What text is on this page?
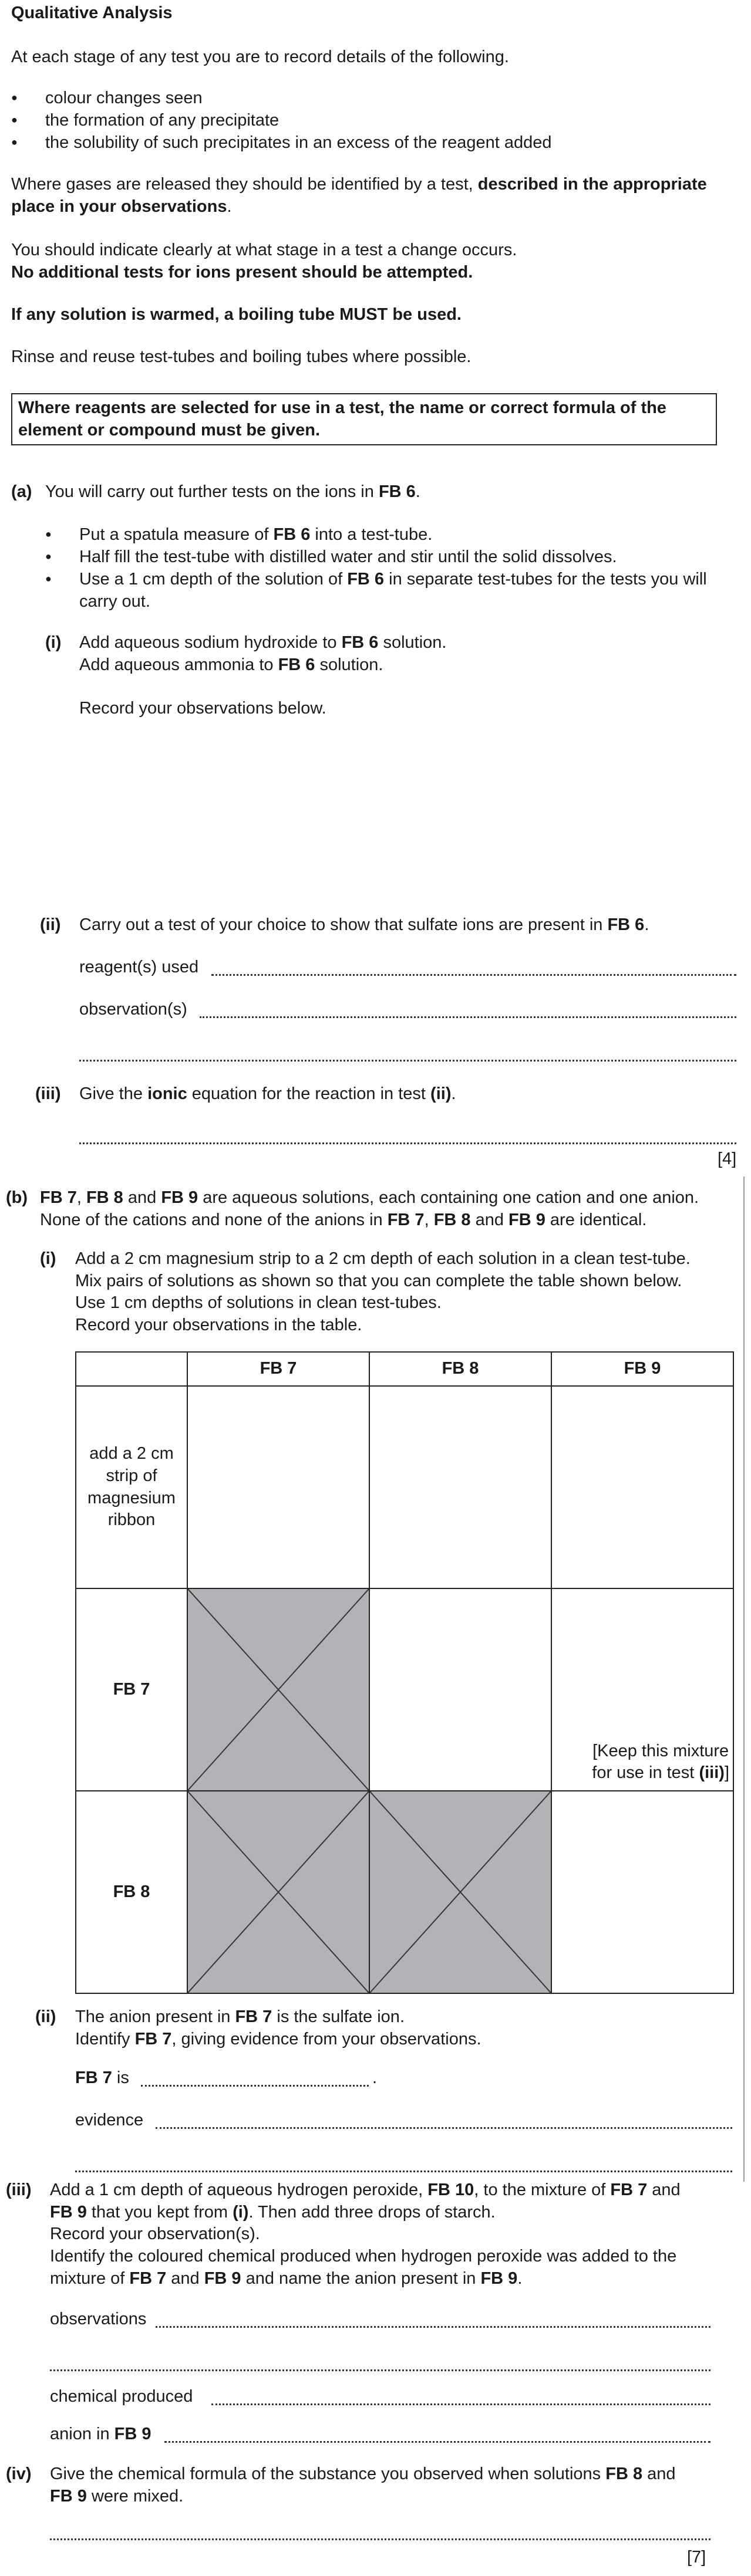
Qualitative Analysis
At each stage of any test you are to record details of the following.
● colour changes seen
● the formation of any precipitate
● the solubility of such precipitates in an excess of the reagent added
Where gases are released they should be identified by a test, described in the appropriate
place in your observations.
You should indicate clearly at what stage in a test a change occurs.
No additional tests for ions present should be attempted.
If any solution is warmed, a boiling tube MUST be used.
Rinse and reuse test-tubes and boiling tubes where possible.
Where reagents are selected for use in a test, the name or correct formula of the
element or compound must be given.
(a) You will carry out further tests on the ions in FB 6.
● Put a spatula measure of FB 6 into a test-tube.
● Half fill the test-tube with distilled water and stir until the solid dissolves.
● Use a 1 cm depth of the solution of FB 6 in separate test-tubes for the tests you will
carry out.
(i) Add aqueous sodium hydroxide to FB 6 solution.
Add aqueous ammonia to FB 6 solution.
Record your observations below.
(ii) Carry out a test of your choice to show that sulfate ions are present in FB 6.
reagent(s) used
observation(s)
(iii) Give the ionic equation for the reaction in test (ii).
[4]
(b) FB 7, FB 8 and FB 9 are aqueous solutions, each containing one cation and one anion.
None of the cations and none of the anions in FB 7, FB 8 and FB 9 are identical.
(i) Add a 2 cm magnesium strip to a 2 cm depth of each solution in a clean test-tube.
Mix pairs of solutions as shown so that you can complete the table shown below.
Use 1 cm depths of solutions in clean test-tubes.
Record your observations in the table.
	FB 7	FB 8	FB 9

add a 2 cm
strip of
magnesium
ribbon			

FB 7			[Keep this mixture
for use in test (iii)]

FB 8	

(ii) The anion present in FB 7 is the sulfate ion.
Identify FB 7, giving evidence from your observations.
FB 7 is	.
evidence
(iii) Add a 1 cm depth of aqueous hydrogen peroxide, FB 10, to the mixture of FB 7 and
FB 9 that you kept from (i). Then add three drops of starch.
Record your observation(s).
Identify the coloured chemical produced when hydrogen peroxide was added to the
mixture of FB 7 and FB 9 and name the anion present in FB 9.
observations
chemical produced
anion in FB 9
(iv) Give the chemical formula of the substance you observed when solutions FB 8 and
FB 9 were mixed.
[7]
